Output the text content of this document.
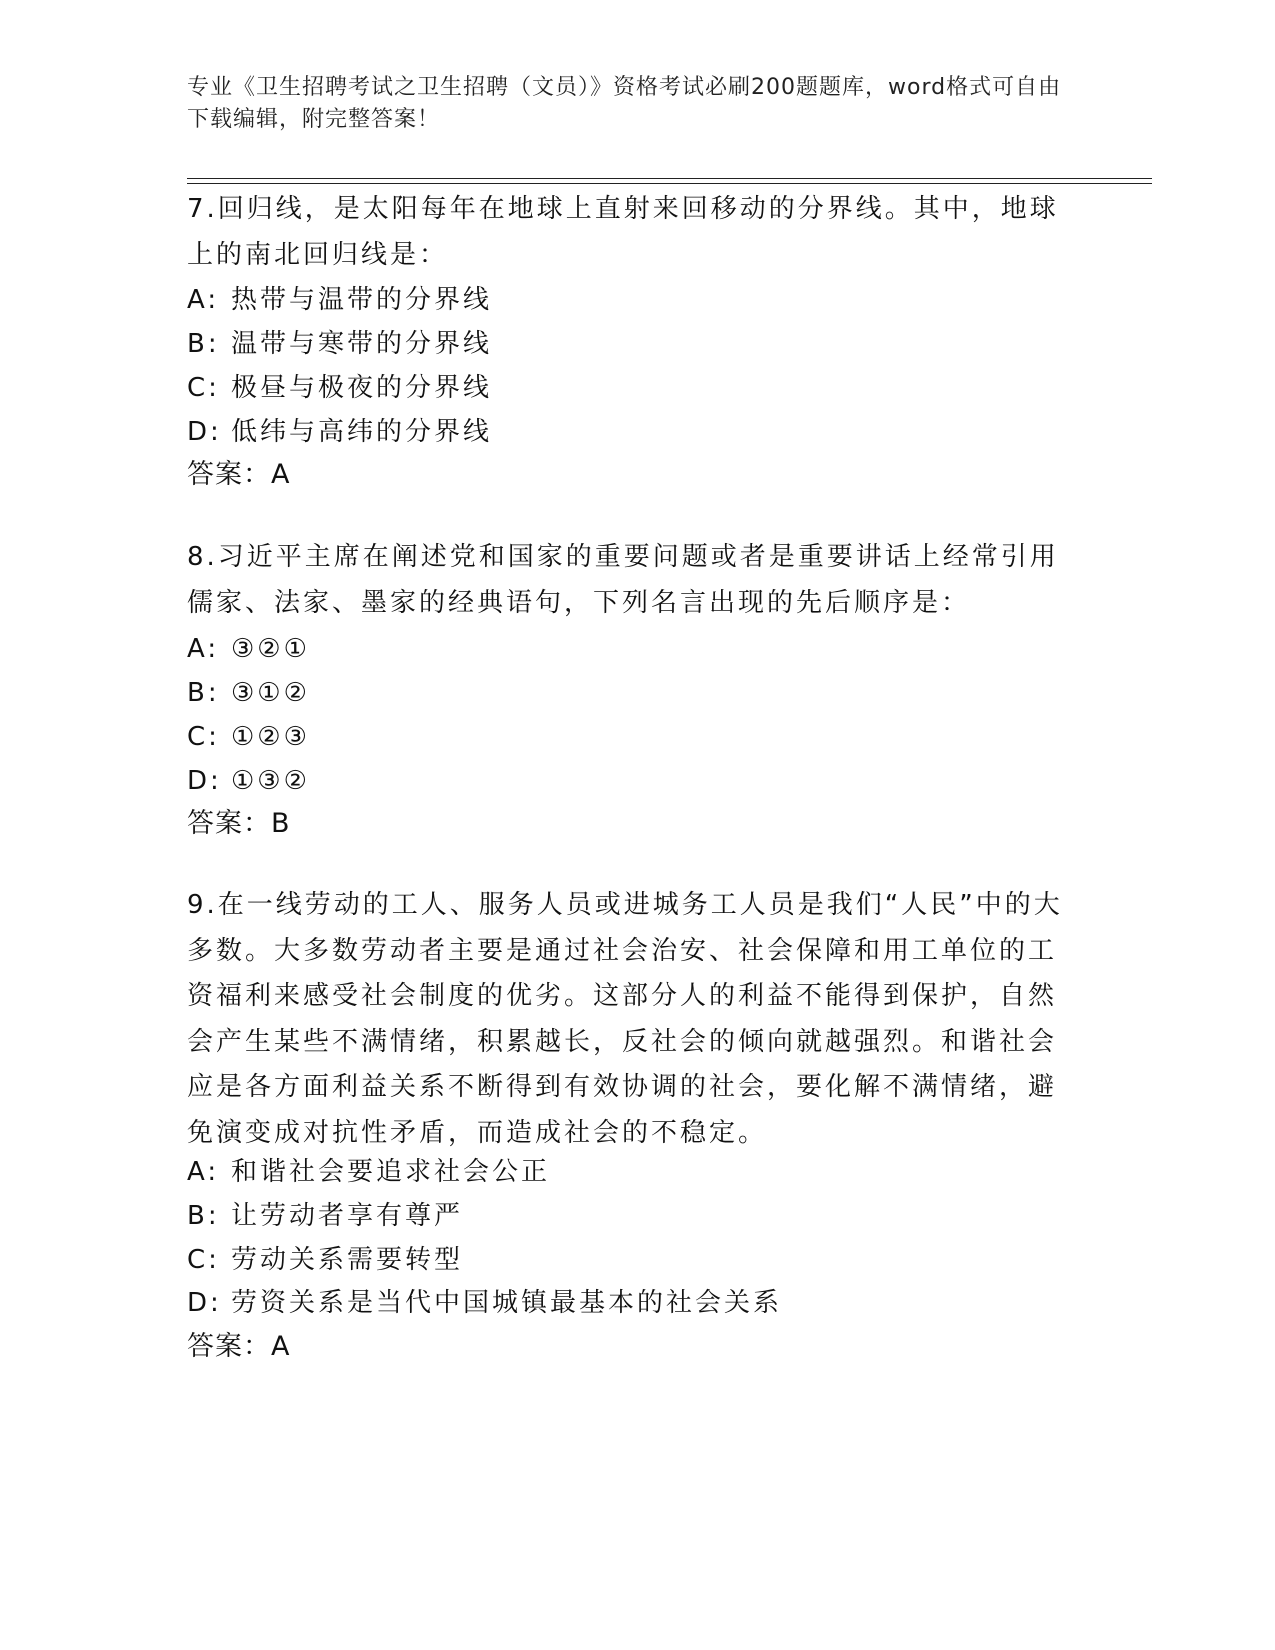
专业《卫生招聘考试之卫生招聘（文员）》资格考试必刷200题题库，word格式可自由下载编辑，附完整答案！
7.回归线，是太阳每年在地球上直射来回移动的分界线。其中，地球上的南北回归线是：
A: 热带与温带的分界线
B: 温带与寒带的分界线
C: 极昼与极夜的分界线
D: 低纬与高纬的分界线
答案：A
8.习近平主席在阐述党和国家的重要问题或者是重要讲话上经常引用儒家、法家、墨家的经典语句，下列名言出现的先后顺序是：
A: ③②①
B: ③①②
C: ①②③
D: ①③②
答案：B
9.在一线劳动的工人、服务人员或进城务工人员是我们“人民”中的大多数。大多数劳动者主要是通过社会治安、社会保障和用工单位的工资福利来感受社会制度的优劣。这部分人的利益不能得到保护，自然会产生某些不满情绪，积累越长，反社会的倾向就越强烈。和谐社会应是各方面利益关系不断得到有效协调的社会，要化解不满情绪，避免演变成对抗性矛盾，而造成社会的不稳定。
A: 和谐社会要追求社会公正
B: 让劳动者享有尊严
C: 劳动关系需要转型
D: 劳资关系是当代中国城镇最基本的社会关系
答案：A
